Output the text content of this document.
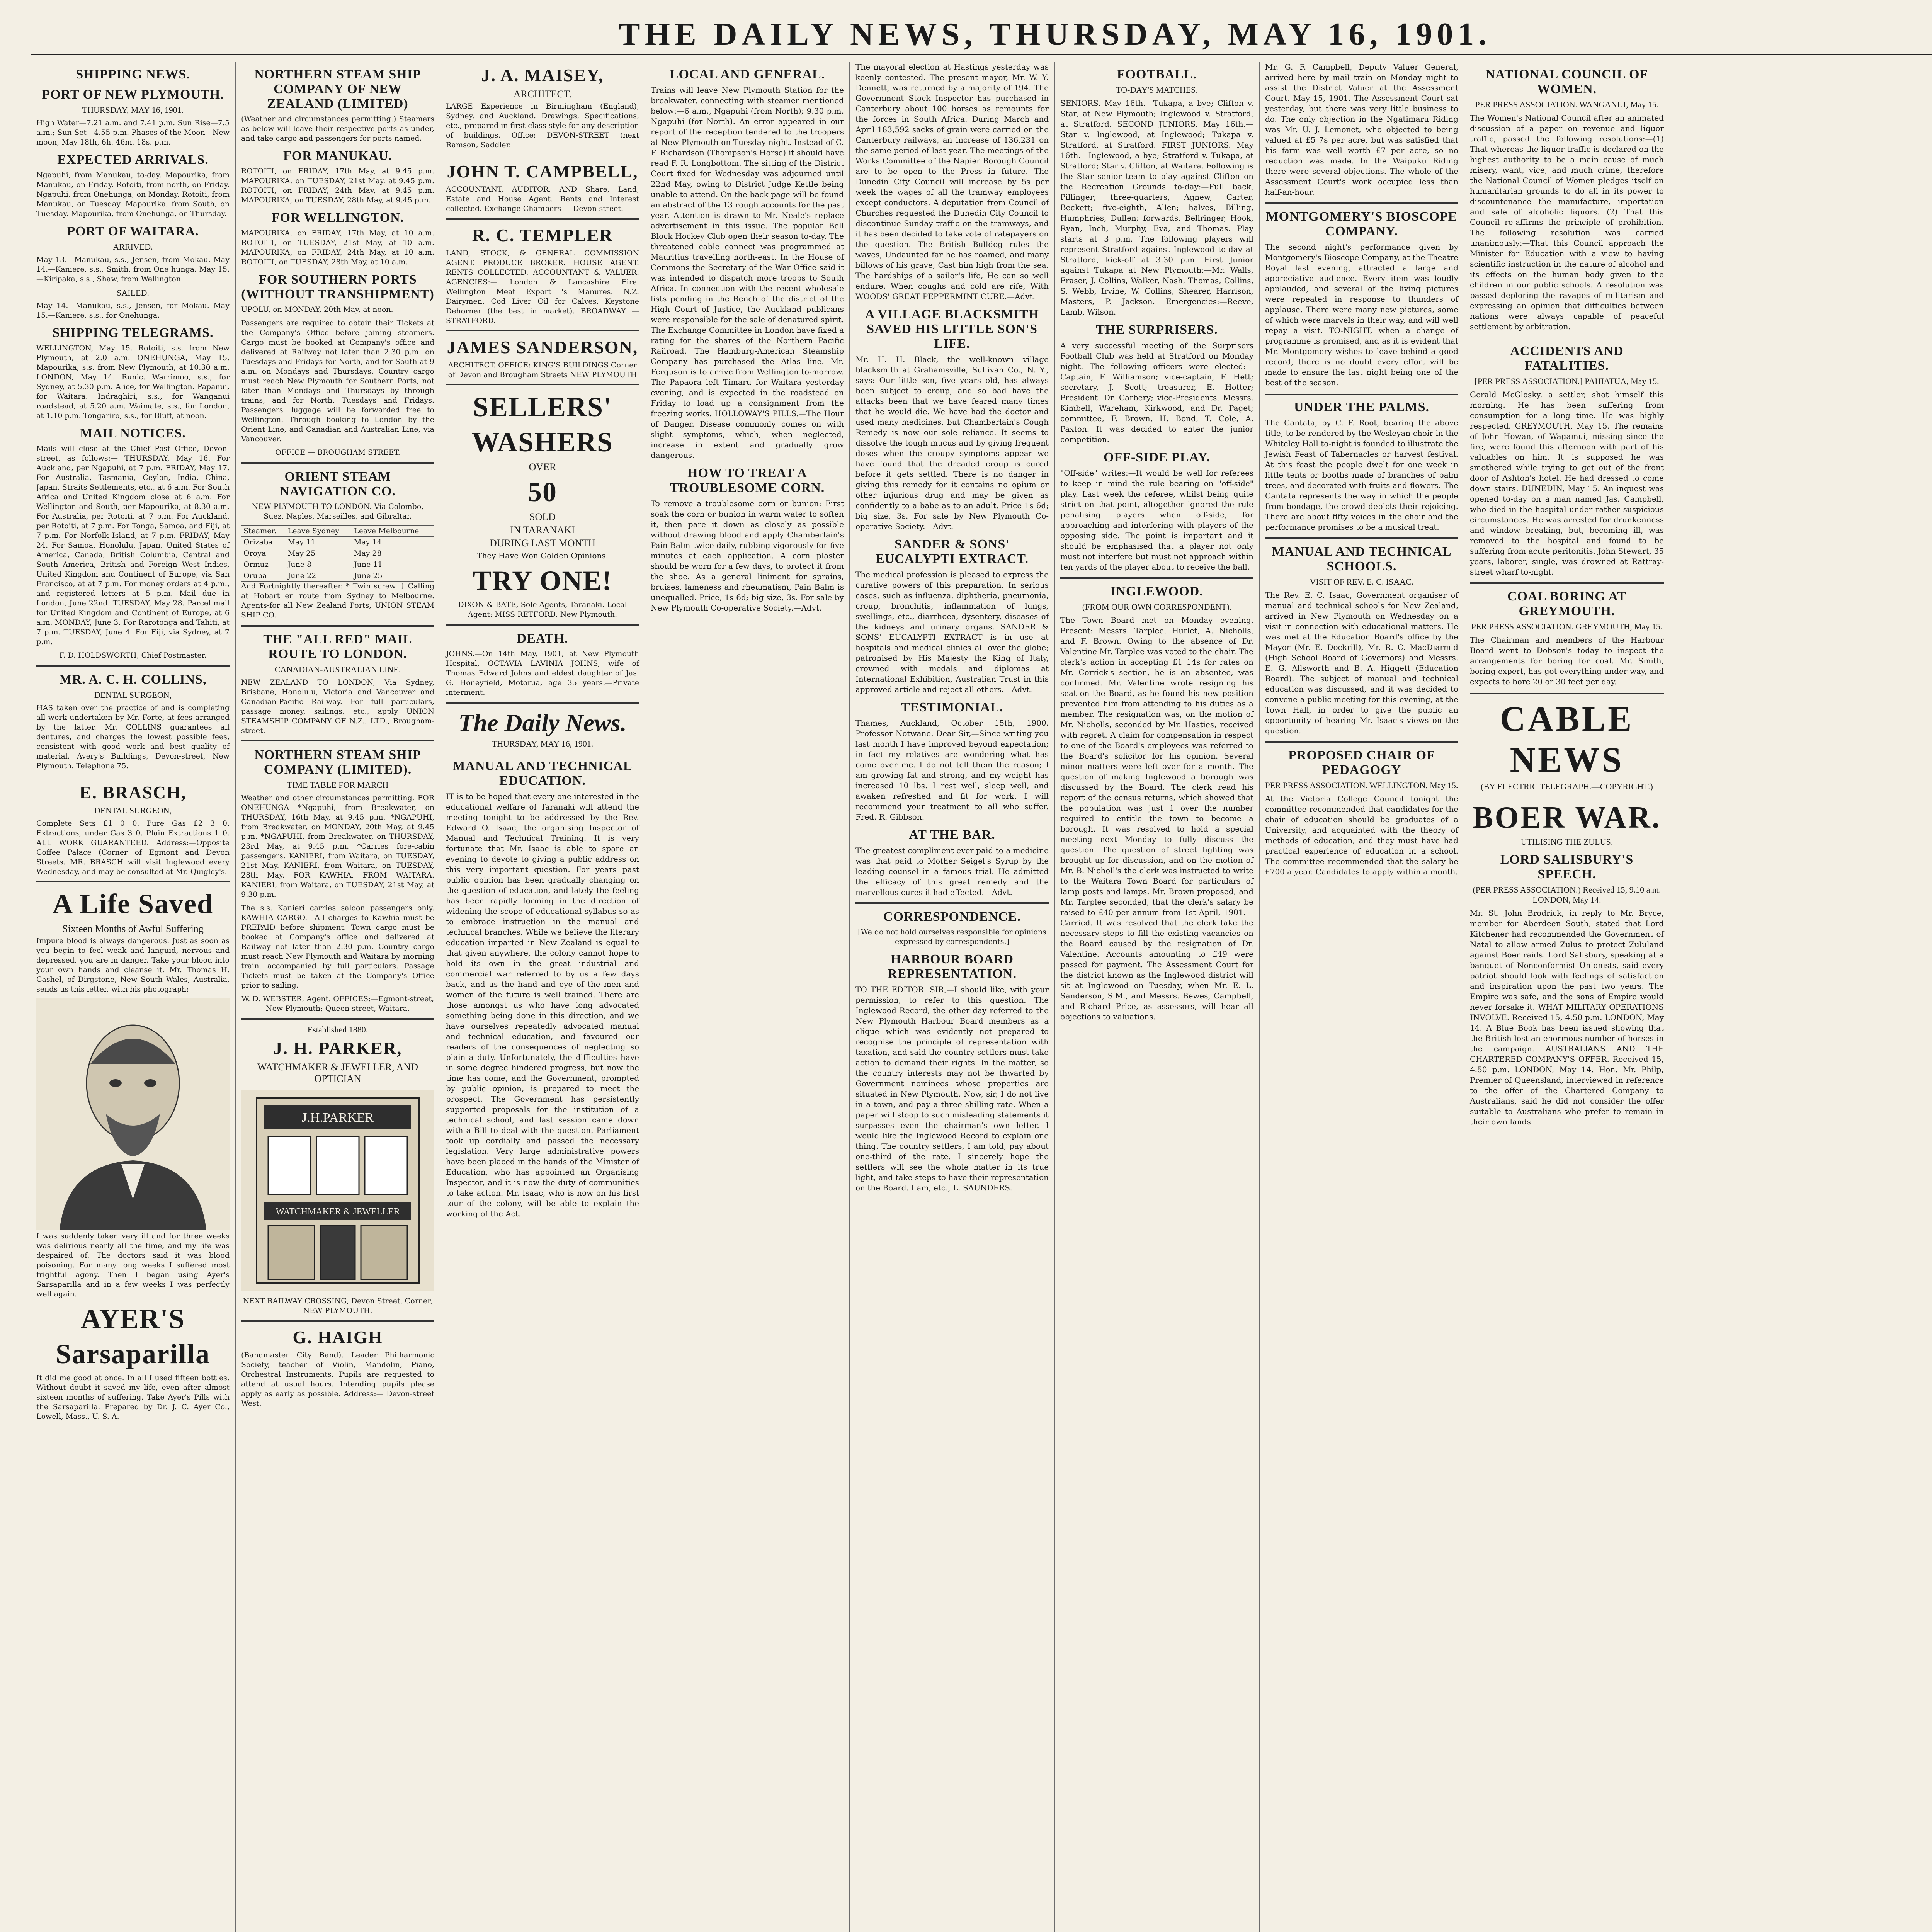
THE DAILY NEWS, THURSDAY, MAY 16, 1901.
SHIPPING NEWS.
PORT OF NEW PLYMOUTH.
THURSDAY, MAY 16, 1901.

High Water—7.21 a.m. and 7.41 p.m. Sun Rise—7.5 a.m.; Sun Set—4.55 p.m. Phases of the Moon—New moon, May 18th, 6h. 46m. 18s. p.m.

EXPECTED ARRIVALS.

Ngapuhi, from Manukau, to-day. Mapourika, from Manukau, on Friday. Rotoiti, from north, on Friday. Ngapuhi, from Onehunga, on Monday. Rotoiti, from Manukau, on Tuesday. Mapourika, from South, on Tuesday. Mapourika, from Onehunga, on Thursday.

PORT OF WAITARA.
ARRIVED.

May 13.—Manukau, s.s., Jensen, from Mokau. May 14.—Kaniere, s.s., Smith, from One hunga. May 15.—Kiripaka, s.s., Shaw, from Wellington.

SAILED.

May 14.—Manukau, s.s., Jensen, for Mokau. May 15.—Kaniere, s.s., for Onehunga.

SHIPPING TELEGRAMS.

WELLINGTON, May 15. Rotoiti, s.s. from New Plymouth, at 2.0 a.m. ONEHUNGA, May 15. Mapourika, s.s. from New Plymouth, at 10.30 a.m. LONDON, May 14. Runic. Warrimoo, s.s., for Sydney, at 5.30 p.m. Alice, for Wellington. Papanui, for Waitara. Indraghiri, s.s., for Wanganui roadstead, at 5.20 a.m. Waimate, s.s., for London, at 1.10 p.m. Tongariro, s.s., for Bluff, at noon.

MAIL NOTICES.

Mails will close at the Chief Post Office, Devon-street, as follows:— THURSDAY, May 16. For Auckland, per Ngapuhi, at 7 p.m. FRIDAY, May 17. For Australia, Tasmania, Ceylon, India, China, Japan, Straits Settlements, etc., at 6 a.m. For South Africa and United Kingdom close at 6 a.m. For Wellington and South, per Mapourika, at 8.30 a.m. For Australia, per Rotoiti, at 7 p.m. For Auckland, per Rotoiti, at 7 p.m. For Tonga, Samoa, and Fiji, at 7 p.m. For Norfolk Island, at 7 p.m. FRIDAY, May 24. For Samoa, Honolulu, Japan, United States of America, Canada, British Columbia, Central and South America, British and Foreign West Indies, United Kingdom and Continent of Europe, via San Francisco, at at 7 p.m. For money orders at 4 p.m., and registered letters at 5 p.m. Mail due in London, June 22nd. TUESDAY, May 28. Parcel mail for United Kingdom and Continent of Europe, at 6 a.m. MONDAY, June 3. For Rarotonga and Tahiti, at 7 p.m. TUESDAY, June 4. For Fiji, via Sydney, at 7 p.m.

F. D. HOLDSWORTH, Chief Postmaster.

MR. A. C. H. COLLINS,
DENTAL SURGEON,

HAS taken over the practice of and is completing all work undertaken by Mr. Forte, at fees arranged by the latter. Mr. COLLINS guarantees all dentures, and charges the lowest possible fees, consistent with good work and best quality of material. Avery's Buildings, Devon-street, New Plymouth. Telephone 75.

E. BRASCH,
DENTAL SURGEON,

Complete Sets £1 0 0. Pure Gas £2 3 0. Extractions, under Gas 3 0. Plain Extractions 1 0. ALL WORK GUARANTEED. Address:—Opposite Coffee Palace (Corner of Egmont and Devon Streets. MR. BRASCH will visit Inglewood every Wednesday, and may be consulted at Mr. Quigley's.

A Life Saved
Sixteen Months of Awful Suffering

Impure blood is always dangerous. Just as soon as you begin to feel weak and languid, nervous and depressed, you are in danger. Take your blood into your own hands and cleanse it. Mr. Thomas H. Cashel, of Dirgstone, New South Wales, Australia, sends us this letter, with his photograph:

I was suddenly taken very ill and for three weeks was delirious nearly all the time, and my life was despaired of. The doctors said it was blood poisoning. For many long weeks I suffered most frightful agony. Then I began using Ayer's Sarsaparilla and in a few weeks I was perfectly well again.

AYER'S
Sarsaparilla

It did me good at once. In all I used fifteen bottles. Without doubt it saved my life, even after almost sixteen months of suffering. Take Ayer's Pills with the Sarsaparilla. Prepared by Dr. J. C. Ayer Co., Lowell, Mass., U. S. A.

NORTHERN STEAM SHIP COMPANY OF NEW ZEALAND (LIMITED)

(Weather and circumstances permitting.) Steamers as below will leave their respective ports as under, and take cargo and passengers for ports named.

FOR MANUKAU.

ROTOITI, on FRIDAY, 17th May, at 9.45 p.m. MAPOURIKA, on TUESDAY, 21st May, at 9.45 p.m. ROTOITI, on FRIDAY, 24th May, at 9.45 p.m. MAPOURIKA, on TUESDAY, 28th May, at 9.45 p.m.

FOR WELLINGTON.

MAPOURIKA, on FRIDAY, 17th May, at 10 a.m. ROTOITI, on TUESDAY, 21st May, at 10 a.m. MAPOURIKA, on FRIDAY, 24th May, at 10 a.m. ROTOITI, on TUESDAY, 28th May, at 10 a.m.

FOR SOUTHERN PORTS (WITHOUT TRANSHIPMENT)

UPOLU, on MONDAY, 20th May, at noon.

Passengers are required to obtain their Tickets at the Company's Office before joining steamers. Cargo must be booked at Company's office and delivered at Railway not later than 2.30 p.m. on Tuesdays and Fridays for North, and for South at 9 a.m. on Mondays and Thursdays. Country cargo must reach New Plymouth for Southern Ports, not later than Mondays and Thursdays by through trains, and for North, Tuesdays and Fridays. Passengers' luggage will be forwarded free to Wellington. Through booking to London by the Orient Line, and Canadian and Australian Line, via Vancouver.

OFFICE — BROUGHAM STREET.

ORIENT STEAM NAVIGATION CO.

NEW PLYMOUTH TO LONDON. Via Colombo, Suez, Naples, Marseilles, and Gibraltar.

Steamer.	Leave Sydney	Leave Melbourne
Orizaba	May 11	May 14
Oroya	May 25	May 28
Ormuz	June 8	June 11
Oruba	June 22	June 25

And Fortnightly thereafter. * Twin screw. † Calling at Hobart en route from Sydney to Melbourne. Agents-for all New Zealand Ports, UNION STEAM SHIP CO.

THE "ALL RED" MAIL ROUTE TO LONDON.
CANADIAN-AUSTRALIAN LINE.

NEW ZEALAND TO LONDON, Via Sydney, Brisbane, Honolulu, Victoria and Vancouver and Canadian-Pacific Railway. For full particulars, passage money, sailings, etc., apply UNION STEAMSHIP COMPANY OF N.Z., LTD., Brougham-street.

NORTHERN STEAM SHIP COMPANY (LIMITED).
TIME TABLE FOR MARCH

Weather and other circumstances permitting. FOR ONEHUNGA *Ngapuhi, from Breakwater, on THURSDAY, 16th May, at 9.45 p.m. *NGAPUHI, from Breakwater, on MONDAY, 20th May, at 9.45 p.m. *NGAPUHI, from Breakwater, on THURSDAY, 23rd May, at 9.45 p.m. *Carries fore-cabin passengers. KANIERI, from Waitara, on TUESDAY, 21st May. KANIERI, from Waitara, on TUESDAY, 28th May. FOR KAWHIA, FROM WAITARA. KANIERI, from Waitara, on TUESDAY, 21st May, at 9.30 p.m.

The s.s. Kanieri carries saloon passengers only. KAWHIA CARGO.—All charges to Kawhia must be PREPAID before shipment. Town cargo must be booked at Company's office and delivered at Railway not later than 2.30 p.m. Country cargo must reach New Plymouth and Waitara by morning train, accompanied by full particulars. Passage Tickets must be taken at the Company's Office prior to sailing.

W. D. WEBSTER, Agent. OFFICES:—Egmont-street, New Plymouth; Queen-street, Waitara.

Established 1880.
J. H. PARKER,
WATCHMAKER & JEWELLER, AND OPTICIAN
J.H.PARKER
WATCHMAKER & JEWELLER

NEXT RAILWAY CROSSING, Devon Street, Corner, NEW PLYMOUTH.

G. HAIGH

(Bandmaster City Band). Leader Philharmonic Society, teacher of Violin, Mandolin, Piano, Orchestral Instruments. Pupils are requested to attend at usual hours. Intending pupils please apply as early as possible. Address:— Devon-street West.

J. A. MAISEY,
ARCHITECT.

LARGE Experience in Birmingham (England), Sydney, and Auckland. Drawings, Specifications, etc., prepared in first-class style for any description of buildings. Office: DEVON-STREET (next Ramson, Saddler.

JOHN T. CAMPBELL,

ACCOUNTANT, AUDITOR, AND Share, Land, Estate and House Agent. Rents and Interest collected. Exchange Chambers — Devon-street.

R. C. TEMPLER

LAND, STOCK, & GENERAL COMMISSION AGENT. PRODUCE BROKER. HOUSE AGENT. RENTS COLLECTED. ACCOUNTANT & VALUER. AGENCIES:— London & Lancashire Fire. Wellington Meat Export 's Manures. N.Z. Dairymen. Cod Liver Oil for Calves. Keystone Dehorner (the best in market). BROADWAY — STRATFORD.

JAMES SANDERSON,

ARCHITECT. OFFICE: KING'S BUILDINGS Corner of Devon and Brougham Streets NEW PLYMOUTH

SELLERS'
WASHERS
OVER
50
SOLD
IN TARANAKI
DURING LAST MONTH

They Have Won Golden Opinions.

TRY ONE!

DIXON & BATE, Sole Agents, Taranaki. Local Agent: MISS RETFORD, New Plymouth.

DEATH.

JOHNS.—On 14th May, 1901, at New Plymouth Hospital, OCTAVIA LAVINIA JOHNS, wife of Thomas Edward Johns and eldest daughter of Jas. G. Honeyfield, Motorua, age 35 years.—Private interment.

The Daily News.
THURSDAY, MAY 16, 1901.
MANUAL AND TECHNICAL EDUCATION.

IT is to be hoped that every one interested in the educational welfare of Taranaki will attend the meeting tonight to be addressed by the Rev. Edward O. Isaac, the organising Inspector of Manual and Technical Training. It is very fortunate that Mr. Isaac is able to spare an evening to devote to giving a public address on this very important question. For years past public opinion has been gradually changing on the question of education, and lately the feeling has been rapidly forming in the direction of widening the scope of educational syllabus so as to embrace instruction in the manual and technical branches. While we believe the literary education imparted in New Zealand is equal to that given anywhere, the colony cannot hope to hold its own in the great industrial and commercial war referred to by us a few days back, and us the hand and eye of the men and women of the future is well trained. There are those amongst us who have long advocated something being done in this direction, and we have ourselves repeatedly advocated manual and technical education, and favoured our readers of the consequences of neglecting so plain a duty. Unfortunately, the difficulties have in some degree hindered progress, but now the time has come, and the Government, prompted by public opinion, is prepared to meet the prospect. The Government has persistently supported proposals for the institution of a technical school, and last session came down with a Bill to deal with the question. Parliament took up cordially and passed the necessary legislation. Very large administrative powers have been placed in the hands of the Minister of Education, who has appointed an Organising Inspector, and it is now the duty of communities to take action. Mr. Isaac, who is now on his first tour of the colony, will be able to explain the working of the Act.

LOCAL AND GENERAL.

Trains will leave New Plymouth Station for the breakwater, connecting with steamer mentioned below:—6 a.m., Ngapuhi (from North); 9.30 p.m. Ngapuhi (for North). An error appeared in our report of the reception tendered to the troopers at New Plymouth on Tuesday night. Instead of C. F. Richardson (Thompson's Horse) it should have read F. R. Longbottom. The sitting of the District Court fixed for Wednesday was adjourned until 22nd May, owing to District Judge Kettle being unable to attend. On the back page will be found an abstract of the 13 rough accounts for the past year. Attention is drawn to Mr. Neale's replace advertisement in this issue. The popular Bell Block Hockey Club open their season to-day. The threatened cable connect was programmed at Mauritius travelling north-east. In the House of Commons the Secretary of the War Office said it was intended to dispatch more troops to South Africa. In connection with the recent wholesale lists pending in the Bench of the district of the High Court of Justice, the Auckland publicans were responsible for the sale of denatured spirit. The Exchange Committee in London have fixed a rating for the shares of the Northern Pacific Railroad. The Hamburg-American Steamship Company has purchased the Atlas line. Mr. Ferguson is to arrive from Wellington to-morrow. The Papaora left Timaru for Waitara yesterday evening, and is expected in the roadstead on Friday to load up a consignment from the freezing works. HOLLOWAY'S PILLS.—The Hour of Danger. Disease commonly comes on with slight symptoms, which, when neglected, increase in extent and gradually grow dangerous.

HOW TO TREAT A TROUBLESOME CORN.

To remove a troublesome corn or bunion: First soak the corn or bunion in warm water to soften it, then pare it down as closely as possible without drawing blood and apply Chamberlain's Pain Balm twice daily, rubbing vigorously for five minutes at each application. A corn plaster should be worn for a few days, to protect it from the shoe. As a general liniment for sprains, bruises, lameness and rheumatism, Pain Balm is unequalled. Price, 1s 6d; big size, 3s. For sale by New Plymouth Co-operative Society.—Advt.

The mayoral election at Hastings yesterday was keenly contested. The present mayor, Mr. W. Y. Dennett, was returned by a majority of 194. The Government Stock Inspector has purchased in Canterbury about 100 horses as remounts for the forces in South Africa. During March and April 183,592 sacks of grain were carried on the Canterbury railways, an increase of 136,231 on the same period of last year. The meetings of the Works Committee of the Napier Borough Council are to be open to the Press in future. The Dunedin City Council will increase by 5s per week the wages of all the tramway employees except conductors. A deputation from Council of Churches requested the Dunedin City Council to discontinue Sunday traffic on the tramways, and it has been decided to take vote of ratepayers on the question. The British Bulldog rules the waves, Undaunted far he has roamed, and many billows of his grave, Cast him high from the sea. The hardships of a sailor's life, He can so well endure. When coughs and cold are rife, With WOODS' GREAT PEPPERMINT CURE.—Advt.

A VILLAGE BLACKSMITH SAVED HIS LITTLE SON'S LIFE.

Mr. H. H. Black, the well-known village blacksmith at Grahamsville, Sullivan Co., N. Y., says: Our little son, five years old, has always been subject to croup, and so bad have the attacks been that we have feared many times that he would die. We have had the doctor and used many medicines, but Chamberlain's Cough Remedy is now our sole reliance. It seems to dissolve the tough mucus and by giving frequent doses when the croupy symptoms appear we have found that the dreaded croup is cured before it gets settled. There is no danger in giving this remedy for it contains no opium or other injurious drug and may be given as confidently to a babe as to an adult. Price 1s 6d; big size, 3s. For sale by New Plymouth Co-operative Society.—Advt.

SANDER & SONS' EUCALYPTI EXTRACT.

The medical profession is pleased to express the curative powers of this preparation. In serious cases, such as influenza, diphtheria, pneumonia, croup, bronchitis, inflammation of lungs, swellings, etc., diarrhoea, dysentery, diseases of the kidneys and urinary organs. SANDER & SONS' EUCALYPTI EXTRACT is in use at hospitals and medical clinics all over the globe; patronised by His Majesty the King of Italy, crowned with medals and diplomas at International Exhibition, Australian Trust in this approved article and reject all others.—Advt.

TESTIMONIAL.

Thames, Auckland, October 15th, 1900. Professor Notwane. Dear Sir,—Since writing you last month I have improved beyond expectation; in fact my relatives are wondering what has come over me. I do not tell them the reason; I am growing fat and strong, and my weight has increased 10 lbs. I rest well, sleep well, and awaken refreshed and fit for work. I will recommend your treatment to all who suffer. Fred. R. Gibbson.

AT THE BAR.

The greatest compliment ever paid to a medicine was that paid to Mother Seigel's Syrup by the leading counsel in a famous trial. He admitted the efficacy of this great remedy and the marvellous cures it had effected.—Advt.

CORRESPONDENCE.

[We do not hold ourselves responsible for opinions expressed by correspondents.]

HARBOUR BOARD REPRESENTATION.

TO THE EDITOR. SIR,—I should like, with your permission, to refer to this question. The Inglewood Record, the other day referred to the New Plymouth Harbour Board members as a clique which was evidently not prepared to recognise the principle of representation with taxation, and said the country settlers must take action to demand their rights. In the matter, so the country interests may not be thwarted by Government nominees whose properties are situated in New Plymouth. Now, sir, I do not live in a town, and pay a three shilling rate. When a paper will stoop to such misleading statements it surpasses even the chairman's own letter. I would like the Inglewood Record to explain one thing. The country settlers, I am told, pay about one-third of the rate. I sincerely hope the settlers will see the whole matter in its true light, and take steps to have their representation on the Board. I am, etc., L. SAUNDERS.

FOOTBALL.
TO-DAY'S MATCHES.

SENIORS. May 16th.—Tukapa, a bye; Clifton v. Star, at New Plymouth; Inglewood v. Stratford, at Stratford. SECOND JUNIORS. May 16th.—Star v. Inglewood, at Inglewood; Tukapa v. Stratford, at Stratford. FIRST JUNIORS. May 16th.—Inglewood, a bye; Stratford v. Tukapa, at Stratford; Star v. Clifton, at Waitara. Following is the Star senior team to play against Clifton on the Recreation Grounds to-day:—Full back, Pillinger; three-quarters, Agnew, Carter, Beckett; five-eighth, Allen; halves, Billing, Humphries, Dullen; forwards, Bellringer, Hook, Ryan, Inch, Murphy, Eva, and Thomas. Play starts at 3 p.m. The following players will represent Stratford against Inglewood to-day at Stratford, kick-off at 3.30 p.m. First Junior against Tukapa at New Plymouth:—Mr. Walls, Fraser, J. Collins, Walker, Nash, Thomas, Collins, S. Webb, Irvine, W. Collins, Shearer, Harrison, Masters, P. Jackson. Emergencies:—Reeve, Lamb, Wilson.

THE SURPRISERS.

A very successful meeting of the Surprisers Football Club was held at Stratford on Monday night. The following officers were elected:—Captain, F. Williamson; vice-captain, F. Hett; secretary, J. Scott; treasurer, E. Hotter; President, Dr. Carbery; vice-Presidents, Messrs. Kimbell, Wareham, Kirkwood, and Dr. Paget; committee, F. Brown, H. Bond, T. Cole, A. Paxton. It was decided to enter the junior competition.

OFF-SIDE PLAY.

"Off-side" writes:—It would be well for referees to keep in mind the rule bearing on "off-side" play. Last week the referee, whilst being quite strict on that point, altogether ignored the rule penalising players when off-side, for approaching and interfering with players of the opposing side. The point is important and it should be emphasised that a player not only must not interfere but must not approach within ten yards of the player about to receive the ball.

INGLEWOOD.
(FROM OUR OWN CORRESPONDENT).

The Town Board met on Monday evening. Present: Messrs. Tarplee, Hurlet, A. Nicholls, and F. Brown. Owing to the absence of Dr. Valentine Mr. Tarplee was voted to the chair. The clerk's action in accepting £1 14s for rates on Mr. Corrick's section, he is an absentee, was confirmed. Mr. Valentine wrote resigning his seat on the Board, as he found his new position prevented him from attending to his duties as a member. The resignation was, on the motion of Mr. Nicholls, seconded by Mr. Hasties, received with regret. A claim for compensation in respect to one of the Board's employees was referred to the Board's solicitor for his opinion. Several minor matters were left over for a month. The question of making Inglewood a borough was discussed by the Board. The clerk read his report of the census returns, which showed that the population was just 1 over the number required to entitle the town to become a borough. It was resolved to hold a special meeting next Monday to fully discuss the question. The question of street lighting was brought up for discussion, and on the motion of Mr. B. Nicholl's the clerk was instructed to write to the Waitara Town Board for particulars of lamp posts and lamps. Mr. Brown proposed, and Mr. Tarplee seconded, that the clerk's salary be raised to £40 per annum from 1st April, 1901.—Carried. It was resolved that the clerk take the necessary steps to fill the existing vacancies on the Board caused by the resignation of Dr. Valentine. Accounts amounting to £49 were passed for payment. The Assessment Court for the district known as the Inglewood district will sit at Inglewood on Tuesday, when Mr. E. L. Sanderson, S.M., and Messrs. Bewes, Campbell, and Richard Price, as assessors, will hear all objections to valuations.

Mr. G. F. Campbell, Deputy Valuer General, arrived here by mail train on Monday night to assist the District Valuer at the Assessment Court. May 15, 1901. The Assessment Court sat yesterday, but there was very little business to do. The only objection in the Ngatimaru Riding was Mr. U. J. Lemonet, who objected to being valued at £5 7s per acre, but was satisfied that his farm was well worth £7 per acre, so no reduction was made. In the Waipuku Riding there were several objections. The whole of the Assessment Court's work occupied less than half-an-hour.

MONTGOMERY'S BIOSCOPE COMPANY.

The second night's performance given by Montgomery's Bioscope Company, at the Theatre Royal last evening, attracted a large and appreciative audience. Every item was loudly applauded, and several of the living pictures were repeated in response to thunders of applause. There were many new pictures, some of which were marvels in their way, and will well repay a visit. TO-NIGHT, when a change of programme is promised, and as it is evident that Mr. Montgomery wishes to leave behind a good record, there is no doubt every effort will be made to ensure the last night being one of the best of the season.

UNDER THE PALMS.

The Cantata, by C. F. Root, bearing the above title, to be rendered by the Wesleyan choir in the Whiteley Hall to-night is founded to illustrate the Jewish Feast of Tabernacles or harvest festival. At this feast the people dwelt for one week in little tents or booths made of branches of palm trees, and decorated with fruits and flowers. The Cantata represents the way in which the people from bondage, the crowd depicts their rejoicing. There are about fifty voices in the choir and the performance promises to be a musical treat.

MANUAL AND TECHNICAL SCHOOLS.
VISIT OF REV. E. C. ISAAC.

The Rev. E. C. Isaac, Government organiser of manual and technical schools for New Zealand, arrived in New Plymouth on Wednesday on a visit in connection with educational matters. He was met at the Education Board's office by the Mayor (Mr. E. Dockrill), Mr. R. C. MacDiarmid (High School Board of Governors) and Messrs. E. G. Allsworth and B. A. Higgett (Education Board). The subject of manual and technical education was discussed, and it was decided to convene a public meeting for this evening, at the Town Hall, in order to give the public an opportunity of hearing Mr. Isaac's views on the question.

PROPOSED CHAIR OF PEDAGOGY
PER PRESS ASSOCIATION. WELLINGTON, May 15.

At the Victoria College Council tonight the committee recommended that candidates for the chair of education should be graduates of a University, and acquainted with the theory of methods of education, and they must have had practical experience of education in a school. The committee recommended that the salary be £700 a year. Candidates to apply within a month.

NATIONAL COUNCIL OF WOMEN.
PER PRESS ASSOCIATION. WANGANUI, May 15.

The Women's National Council after an animated discussion of a paper on revenue and liquor traffic, passed the following resolutions:—(1) That whereas the liquor traffic is declared on the highest authority to be a main cause of much misery, want, vice, and much crime, therefore the National Council of Women pledges itself on humanitarian grounds to do all in its power to discountenance the manufacture, importation and sale of alcoholic liquors. (2) That this Council re-affirms the principle of prohibition. The following resolution was carried unanimously:—That this Council approach the Minister for Education with a view to having scientific instruction in the nature of alcohol and its effects on the human body given to the children in our public schools. A resolution was passed deploring the ravages of militarism and expressing an opinion that difficulties between nations were always capable of peaceful settlement by arbitration.

ACCIDENTS AND FATALITIES.
[PER PRESS ASSOCIATION.] PAHIATUA, May 15.

Gerald McGlosky, a settler, shot himself this morning. He has been suffering from consumption for a long time. He was highly respected. GREYMOUTH, May 15. The remains of John Howan, of Wagamui, missing since the fire, were found this afternoon with part of his valuables on him. It is supposed he was smothered while trying to get out of the front door of Ashton's hotel. He had dressed to come down stairs. DUNEDIN, May 15. An inquest was opened to-day on a man named Jas. Campbell, who died in the hospital under rather suspicious circumstances. He was arrested for drunkenness and window breaking, but, becoming ill, was removed to the hospital and found to be suffering from acute peritonitis. John Stewart, 35 years, laborer, single, was drowned at Rattray-street wharf to-night.

COAL BORING AT GREYMOUTH.
PER PRESS ASSOCIATION. GREYMOUTH, May 15.

The Chairman and members of the Harbour Board went to Dobson's today to inspect the arrangements for boring for coal. Mr. Smith, boring expert, has got everything under way, and expects to bore 20 or 30 feet per day.

CABLE NEWS
(BY ELECTRIC TELEGRAPH.—COPYRIGHT.)
BOER WAR.
UTILISING THE ZULUS.
LORD SALISBURY'S SPEECH.
(PER PRESS ASSOCIATION.) Received 15, 9.10 a.m. LONDON, May 14.

Mr. St. John Brodrick, in reply to Mr. Bryce, member for Aberdeen South, stated that Lord Kitchener had recommended the Government of Natal to allow armed Zulus to protect Zululand against Boer raids. Lord Salisbury, speaking at a banquet of Nonconformist Unionists, said every patriot should look with feelings of satisfaction and inspiration upon the past two years. The Empire was safe, and the sons of Empire would never forsake it. WHAT MILITARY OPERATIONS INVOLVE. Received 15, 4.50 p.m. LONDON, May 14. A Blue Book has been issued showing that the British lost an enormous number of horses in the campaign. AUSTRALIANS AND THE CHARTERED COMPANY'S OFFER. Received 15, 4.50 p.m. LONDON, May 14. Hon. Mr. Philp, Premier of Queensland, interviewed in reference to the offer of the Chartered Company to Australians, said he did not consider the offer suitable to Australians who prefer to remain in their own lands.
